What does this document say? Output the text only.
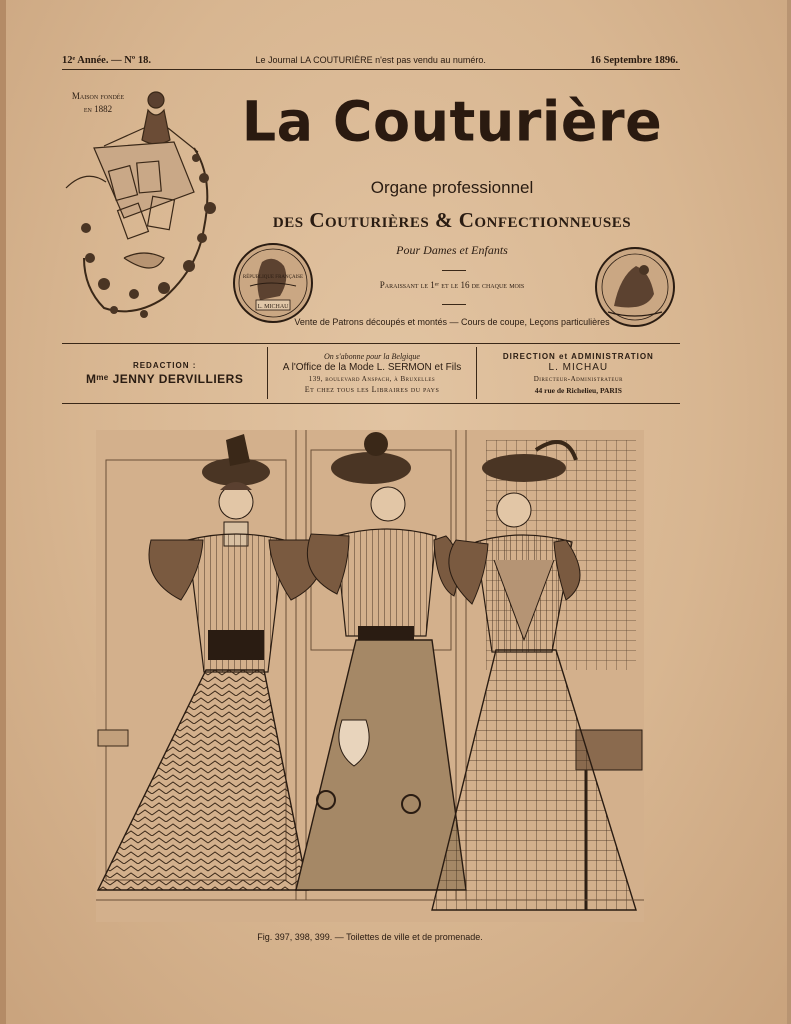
12ᵉ Année. — Nº 18.	Le Journal LA COUTURIÈRE n'est pas vendu au numéro.	16 Septembre 1896.
Maison fondée
en 1882	La Couturière
Organe professionnel
des Couturières & Confectionneuses
Pour Dames et Enfants
Paraissant le 1ᵉʳ et le 16 de chaque mois
Vente de Patrons découpés et montés — Cours de coupe, Leçons particulières
L. MICHAU
RÉPUBLIQUE FRANÇAISE
REDACTION :
Mᵐᵉ JENNY DERVILLIERS
On s'abonne pour la Belgique
A l'Office de la Mode L. SERMON et Fils
139, boulevard Anspach, à Bruxelles
Et chez tous les Libraires du pays
DIRECTION et ADMINISTRATION
L. MICHAU
Directeur-Administrateur
44 rue de Richelieu, PARIS
Fig. 397, 398, 399. — Toilettes de ville et de promenade.
